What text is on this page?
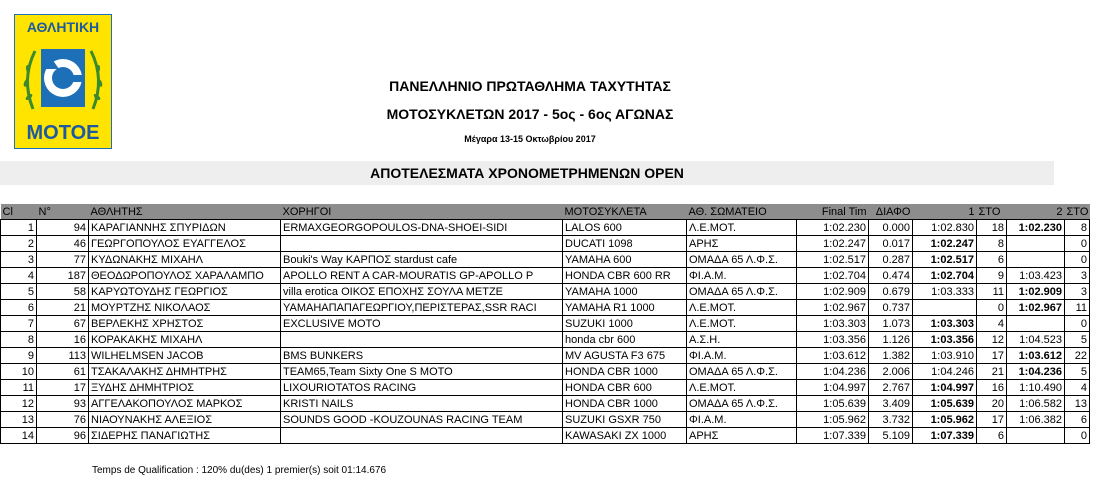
ΑΘΛΗΤΙΚΗ
ΜΟΤΟΕ
ΠΑΝΕΛΛΗΝΙΟ ΠΡΩΤΑΘΛΗΜΑ ΤΑΧΥΤΗΤΑΣ
ΜΟΤΟΣΥΚΛΕΤΩΝ 2017 - 5ος - 6ος ΑΓΩΝΑΣ
Μέγαρα 13-15 Οκτωβρίου 2017
ΑΠΟΤΕΛΕΣΜΑΤΑ ΧΡΟΝΟΜΕΤΡΗΜΕΝΩΝ OPEN
Cl	N°	ΑΘΛΗΤΗΣ	ΧΟΡΗΓΟΙ	ΜΟΤΟΣΥΚΛΕΤΑ	ΑΘ. ΣΩΜΑΤΕΙΟ	Final Tim	ΔΙΑΦΟ	1	ΣΤΟ	2	ΣΤΟ
1	94	ΚΑΡΑΓΙΑΝΝΗΣ ΣΠΥΡΙΔΩΝ	ERMAXGEORGOPOULOS-DNA-SHOEI-SIDI	LALOS 600	Λ.Ε.ΜΟΤ.	1:02.230	0.000	1:02.830	18	1:02.230	8
2	46	ΓΕΩΡΓΟΠΟΥΛΟΣ ΕΥΑΓΓΕΛΟΣ		DUCATI 1098	ΑΡΗΣ	1:02.247	0.017	1:02.247	8		0
3	77	ΚΥΔΩΝΑΚΗΣ ΜΙΧΑΗΛ	Bouki's Way ΚΑΡΠΟΣ stardust cafe	YAMAHA 600	ΟΜΑΔΑ 65 Λ.Φ.Σ.	1:02.517	0.287	1:02.517	6		0
4	187	ΘΕΟΔΩΡΟΠΟΥΛΟΣ ΧΑΡΑΛΑΜΠΟ	APOLLO RENT A CAR-MOURATIS GP-APOLLO P	HONDA CBR 600 RR	ΦΙ.Α.Μ.	1:02.704	0.474	1:02.704	9	1:03.423	3
5	58	ΚΑΡΥΩΤΟΥΔΗΣ ΓΕΩΡΓΙΟΣ	villa erotica ΟΙΚΟΣ ΕΠΟΧΗΣ ΣΟΥΛΑ ΜΕΤΖΕ	YAMAHA 1000	ΟΜΑΔΑ 65 Λ.Φ.Σ.	1:02.909	0.679	1:03.333	11	1:02.909	3
6	21	ΜΟΥΡΤΖΗΣ ΝΙΚΟΛΑΟΣ	ΥΑΜΑΗΑΠΑΠΑΓΕΩΡΓΙΟΥ,ΠΕΡΙΣΤΕΡΑΣ,SSR RACI	YAMAHA R1 1000	Λ.Ε.ΜΟΤ.	1:02.967	0.737		0	1:02.967	11
7	67	ΒΕΡΛΕΚΗΣ ΧΡΗΣΤΟΣ	EXCLUSIVE MOTO	SUZUKI 1000	Λ.Ε.ΜΟΤ.	1:03.303	1.073	1:03.303	4		0
8	16	ΚΟΡΑΚΑΚΗΣ ΜΙΧΑΗΛ		honda cbr 600	Α.Σ.Η.	1:03.356	1.126	1:03.356	12	1:04.523	5
9	113	WILHELMSEN JACOB	BMS BUNKERS	MV AGUSTA F3 675	ΦΙ.Α.Μ.	1:03.612	1.382	1:03.910	17	1:03.612	22
10	61	ΤΣΑΚΑΛΑΚΗΣ ΔΗΜΗΤΡΗΣ	TEAM65,Team Sixty One S MOTO	HONDA CBR 1000	ΟΜΑΔΑ 65 Λ.Φ.Σ.	1:04.236	2.006	1:04.246	21	1:04.236	5
11	17	ΞΥΔΗΣ ΔΗΜΗΤΡΙΟΣ	LIXOURIOTATOS RACING	HONDA CBR 600	Λ.Ε.ΜΟΤ.	1:04.997	2.767	1:04.997	16	1:10.490	4
12	93	ΑΓΓΕΛΑΚΟΠΟΥΛΟΣ ΜΑΡΚΟΣ	KRISTI NAILS	HONDA CBR 1000	ΟΜΑΔΑ 65 Λ.Φ.Σ.	1:05.639	3.409	1:05.639	20	1:06.582	13
13	76	ΝΙΑΟΥΝΑΚΗΣ ΑΛΕΞΙΟΣ	SOUNDS GOOD -KOUZOUNAS RACING TEAM	SUZUKI GSXR 750	ΦΙ.Α.Μ.	1:05.962	3.732	1:05.962	17	1:06.382	6
14	96	ΣΙΔΕΡΗΣ ΠΑΝΑΓΙΩΤΗΣ		KAWASAKI ZX 1000	ΑΡΗΣ	1:07.339	5.109	1:07.339	6		0
Temps de Qualification : 120% du(des) 1 premier(s) soit 01:14.676
